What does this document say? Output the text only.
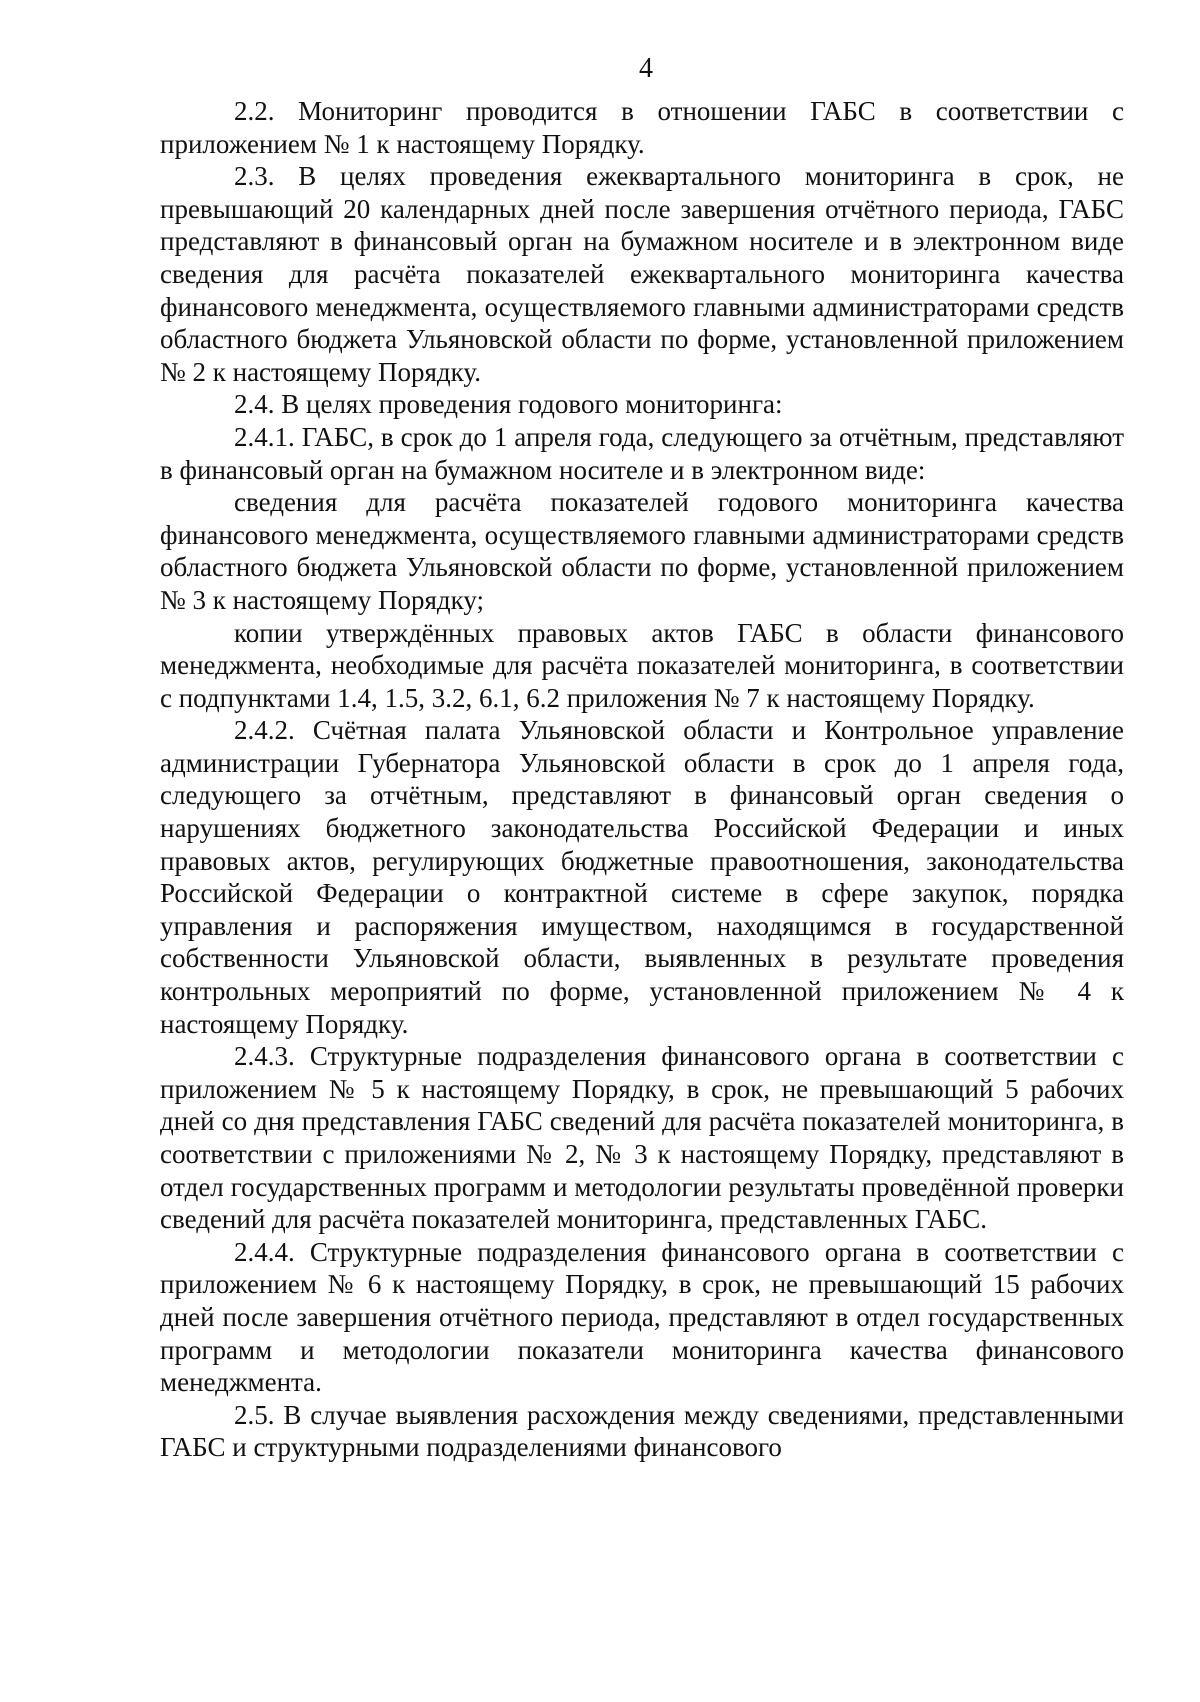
4

2.2. Мониторинг проводится в отношении ГАБС в соответствии с приложением № 1 к настоящему Порядку.

2.3. В целях проведения ежеквартального мониторинга в срок, не превышающий 20 календарных дней после завершения отчётного периода, ГАБС представляют в финансовый орган на бумажном носителе и в электронном виде сведения для расчёта показателей ежеквартального мониторинга качества финансового менеджмента, осуществляемого главными администраторами средств областного бюджета Ульяновской области по форме, установленной приложением № 2 к настоящему Порядку.

2.4. В целях проведения годового мониторинга:

2.4.1. ГАБС, в срок до 1 апреля года, следующего за отчётным, представляют в финансовый орган на бумажном носителе и в электронном виде:

сведения для расчёта показателей годового мониторинга качества финансового менеджмента, осуществляемого главными администраторами средств областного бюджета Ульяновской области по форме, установленной приложением № 3 к настоящему Порядку;

копии утверждённых правовых актов ГАБС в области финансового менеджмента, необходимые для расчёта показателей мониторинга, в соответствии с подпунктами 1.4, 1.5, 3.2, 6.1, 6.2 приложения № 7 к настоящему Порядку.

2.4.2. Счётная палата Ульяновской области и Контрольное управление администрации Губернатора Ульяновской области в срок до 1 апреля года, следующего за отчётным, представляют в финансовый орган сведения о нарушениях бюджетного законодательства Российской Федерации и иных правовых актов, регулирующих бюджетные правоотношения, законодательства Российской Федерации о контрактной системе в сфере закупок, порядка управления и распоряжения имуществом, находящимся в государственной собственности Ульяновской области, выявленных в результате проведения контрольных мероприятий по форме, установленной приложением № 4 к настоящему Порядку.

2.4.3. Структурные подразделения финансового органа в соответствии с приложением № 5 к настоящему Порядку, в срок, не превышающий 5 рабочих дней со дня представления ГАБС сведений для расчёта показателей мониторинга, в соответствии с приложениями № 2, № 3 к настоящему Порядку, представляют в отдел государственных программ и методологии результаты проведённой проверки сведений для расчёта показателей мониторинга, представленных ГАБС.

2.4.4. Структурные подразделения финансового органа в соответствии с приложением № 6 к настоящему Порядку, в срок, не превышающий 15 рабочих дней после завершения отчётного периода, представляют в отдел государственных программ и методологии показатели мониторинга качества финансового менеджмента.

2.5. В случае выявления расхождения между сведениями, представленными ГАБС и структурными подразделениями финансового
